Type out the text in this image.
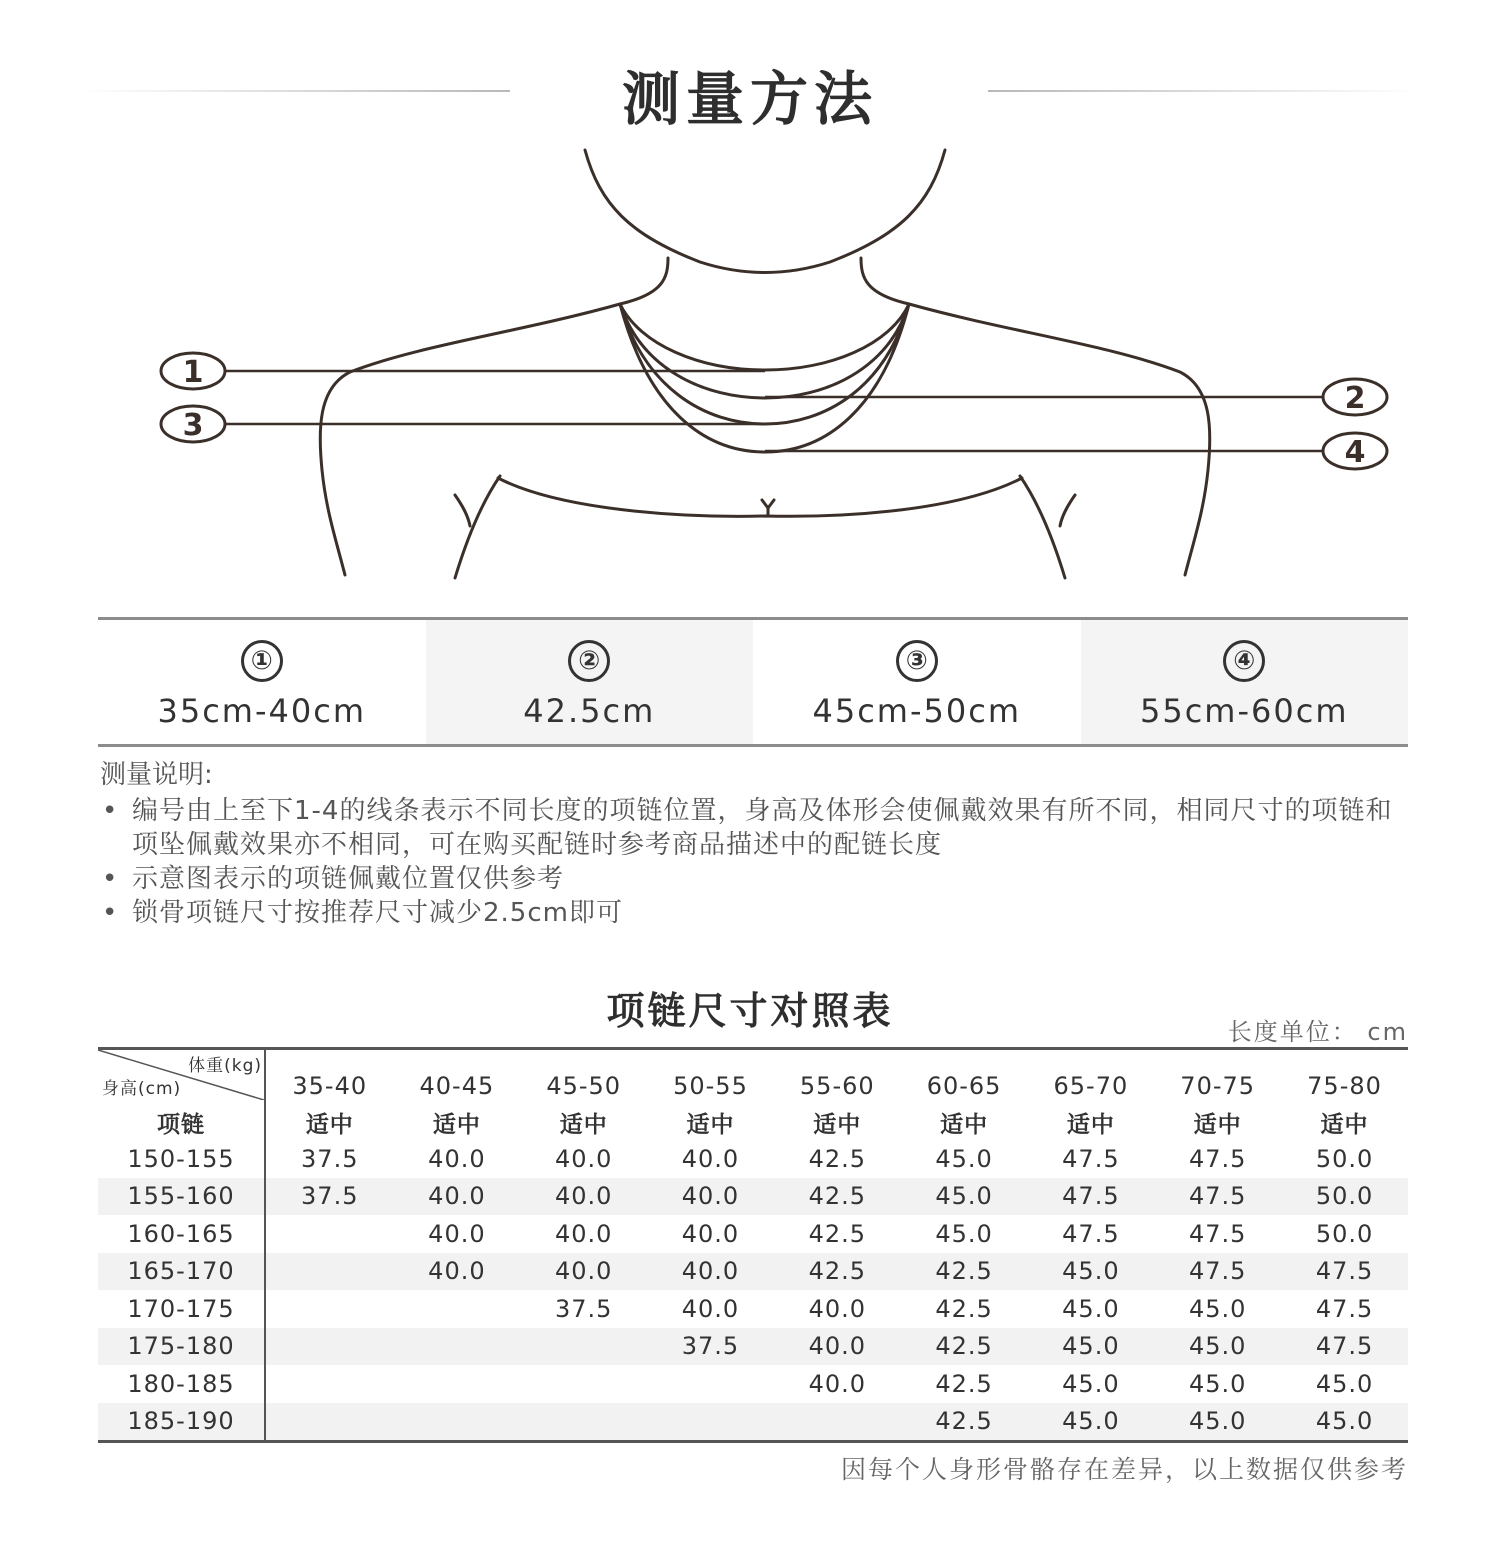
测量方法
1
2
3
4
①
35cm-40cm
②
42.5cm
③
45cm-50cm
④
55cm-60cm
测量说明:
• 编号由上至下1-4的线条表示不同长度的项链位置，身高及体形会使佩戴效果有所不同，相同尺寸的项链和项坠佩戴效果亦不相同，可在购买配链时参考商品描述中的配链长度
• 示意图表示的项链佩戴位置仅供参考
• 锁骨项链尺寸按推荐尺寸减少2.5cm即可
项链尺寸对照表	长度单位： cm
体重(kg)
身高(cm)	35-40	40-45	45-50	50-55	55-60	60-65	65-70	70-75	75-80
项链	适中	适中	适中	适中	适中	适中	适中	适中	适中
150-155	37.5	40.0	40.0	40.0	42.5	45.0	47.5	47.5	50.0
155-160	37.5	40.0	40.0	40.0	42.5	45.0	47.5	47.5	50.0
160-165		40.0	40.0	40.0	42.5	45.0	47.5	47.5	50.0
165-170		40.0	40.0	40.0	42.5	42.5	45.0	47.5	47.5
170-175			37.5	40.0	40.0	42.5	45.0	45.0	47.5
175-180				37.5	40.0	42.5	45.0	45.0	47.5
180-185					40.0	42.5	45.0	45.0	45.0
185-190						42.5	45.0	45.0	45.0
因每个人身形骨骼存在差异，以上数据仅供参考
